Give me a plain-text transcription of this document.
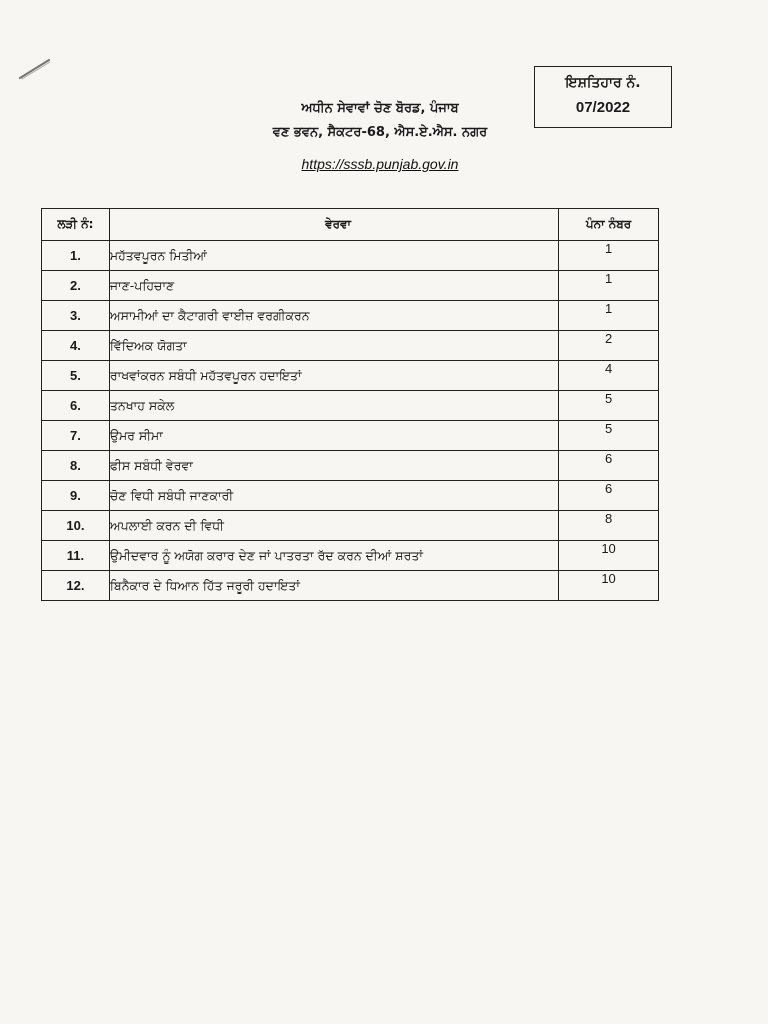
ਅਧੀਨ ਸੇਵਾਵਾਂ ਚੋਣ ਬੋਰਡ, ਪੰਜਾਬ

ਵਣ ਭਵਨ, ਸੈਕਟਰ-68, ਐਸ.ਏ.ਐਸ. ਨਗਰ

https://sssb.punjab.gov.in
ਇਸ਼ਤਿਹਾਰ ਨੰ.
07/2022
ਲੜੀ ਨੰ:	ਵੇਰਵਾ	ਪੰਨਾ ਨੰਬਰ
1.	ਮਹੱਤਵਪੂਰਨ ਮਿਤੀਆਂ	1
2.	ਜਾਣ-ਪਹਿਚਾਣ	1
3.	ਅਸਾਮੀਆਂ ਦਾ ਕੈਟਾਗਰੀ ਵਾਈਜ਼ ਵਰਗੀਕਰਨ	1
4.	ਵਿੱਦਿਅਕ ਯੋਗਤਾ	2
5.	ਰਾਖਵਾਂਕਰਨ ਸਬੰਧੀ ਮਹੱਤਵਪੂਰਨ ਹਦਾਇਤਾਂ	4
6.	ਤਨਖਾਹ ਸਕੇਲ	5
7.	ਉਮਰ ਸੀਮਾ	5
8.	ਫੀਸ ਸਬੰਧੀ ਵੇਰਵਾ	6
9.	ਚੋਣ ਵਿਧੀ ਸਬੰਧੀ ਜਾਣਕਾਰੀ	6
10.	ਅਪਲਾਈ ਕਰਨ ਦੀ ਵਿਧੀ	8
11.	ਉਮੀਦਵਾਰ ਨੂੰ ਅਯੋਗ ਕਰਾਰ ਦੇਣ ਜਾਂ ਪਾਤਰਤਾ ਰੱਦ ਕਰਨ ਦੀਆਂ ਸ਼ਰਤਾਂ	10
12.	ਬਿਨੈਕਾਰ ਦੇ ਧਿਆਨ ਹਿੱਤ ਜਰੂਰੀ ਹਦਾਇਤਾਂ	10
